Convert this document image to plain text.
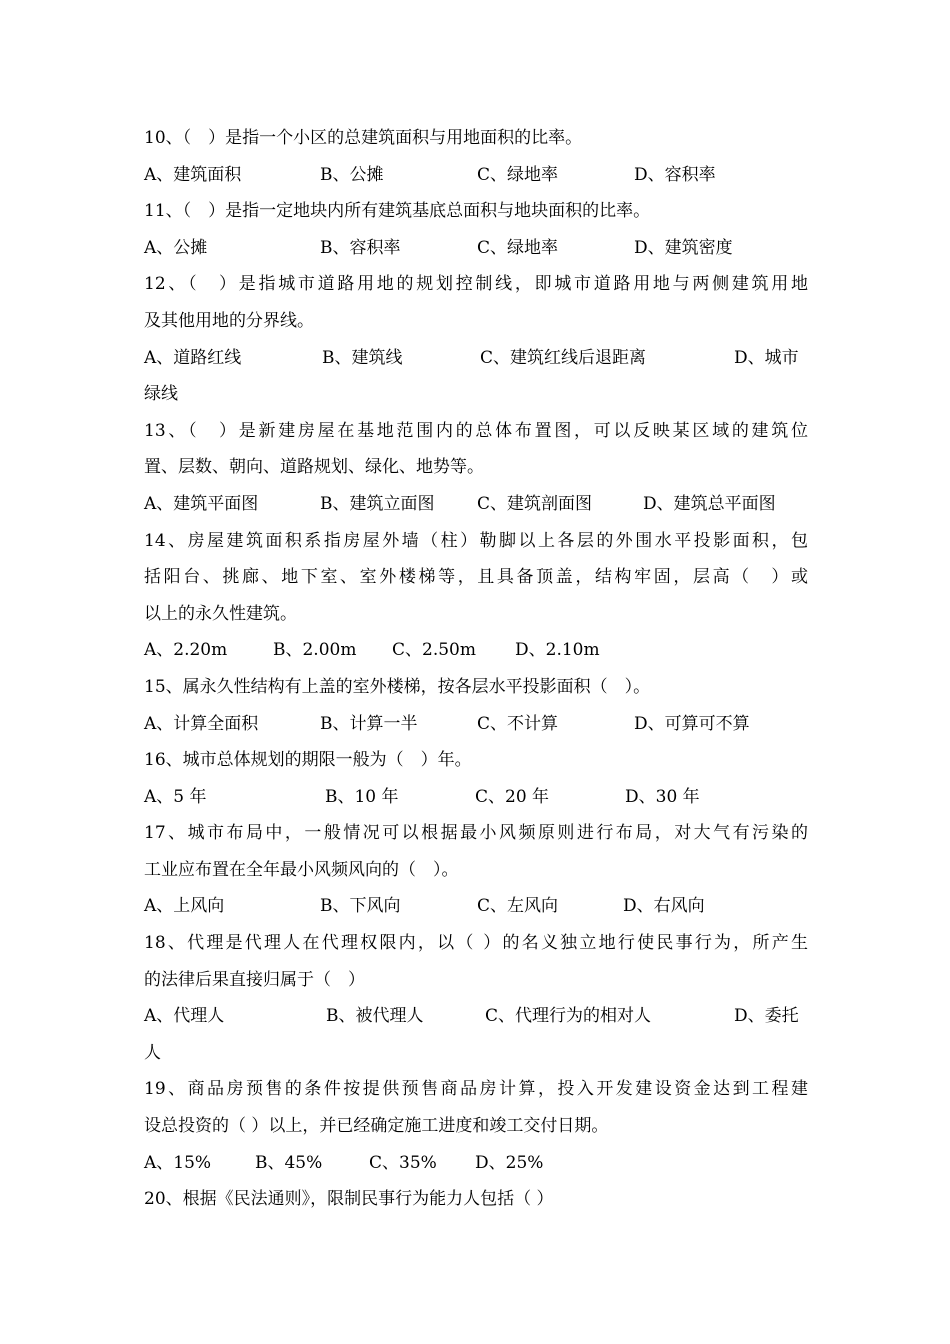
10、（　）是指一个小区的总建筑面积与用地面积的比率。
A、建筑面积	B、公摊	C、绿地率	D、容积率
11、（　）是指一定地块内所有建筑基底总面积与地块面积的比率。
A、公摊	B、容积率	C、绿地率	D、建筑密度
12、（　）是指城市道路用地的规划控制线，即城市道路用地与两侧建筑用地
及其他用地的分界线。
A、道路红线	B、建筑线	C、建筑红线后退距离	D、城市
绿线
13、（　）是新建房屋在基地范围内的总体布置图，可以反映某区域的建筑位
置、层数、朝向、道路规划、绿化、地势等。
A、建筑平面图	B、建筑立面图	C、建筑剖面图	D、建筑总平面图
14、房屋建筑面积系指房屋外墙（柱）勒脚以上各层的外围水平投影面积，包
括阳台、挑廊、地下室、室外楼梯等，且具备顶盖，结构牢固，层高（　）或
以上的永久性建筑。
A、2.20m	B、2.00m	C、2.50m	D、2.10m
15、属永久性结构有上盖的室外楼梯，按各层水平投影面积（　）。
A、计算全面积	B、计算一半	C、不计算	D、可算可不算
16、城市总体规划的期限一般为（　）年。
A、5 年	B、10 年	C、20 年	D、30 年
17、城市布局中，一般情况可以根据最小风频原则进行布局，对大气有污染的
工业应布置在全年最小风频风向的（　）。
A、上风向	B、下风向	C、左风向	D、右风向
18、代理是代理人在代理权限内，以（ ）的名义独立地行使民事行为，所产生
的法律后果直接归属于（　）
A、代理人	B、被代理人	C、代理行为的相对人	D、委托
人
19、商品房预售的条件按提供预售商品房计算，投入开发建设资金达到工程建
设总投资的（ ）以上，并已经确定施工进度和竣工交付日期。
A、15%	B、45%	C、35%	D、25%
20、根据《民法通则》，限制民事行为能力人包括（ ）
